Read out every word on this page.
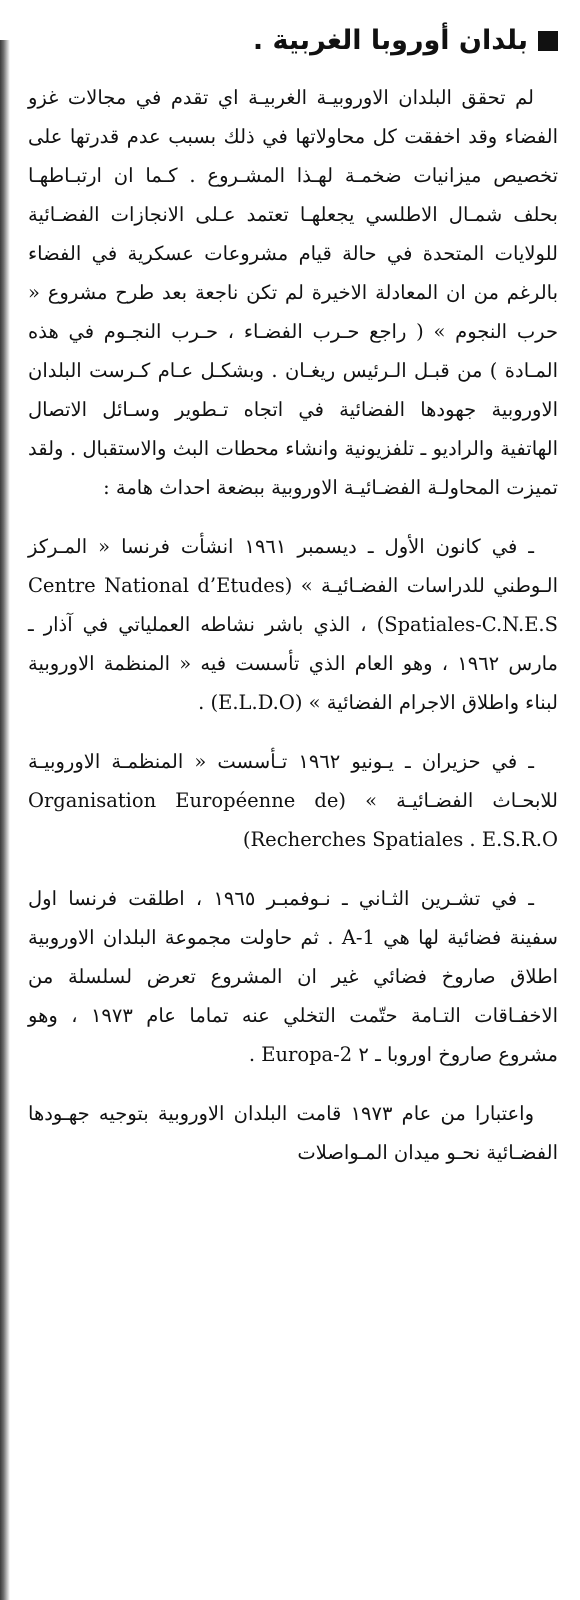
بلدان أوروبا الغربية .

لم تحقق البلدان الاوروبيـة الغربيـة اي تقدم في مجالات غزو الفضاء وقد اخفقت كل محاولاتها في ذلك بسبب عدم قدرتها على تخصيص ميزانيات ضخمـة لهـذا المشـروع . كـما ان ارتبـاطهـا بحلف شمـال الاطلسي يجعلهـا تعتمد عـلى الانجازات الفضـائية للولايات المتحدة في حالة قيام مشروعات عسكرية في الفضاء بالرغم من ان المعادلة الاخيرة لم تكن ناجعة بعد طرح مشروع « حرب النجوم » ( راجع حـرب الفضـاء ، حـرب النجـوم في هذه المـادة ) من قبـل الـرئيس ريغـان . وبشكـل عـام كـرست البلدان الاوروبية جهودها الفضائية في اتجاه تـطوير وسـائل الاتصال الهاتفية والراديو ـ تلفزيونية وانشاء محطات البث والاستقبال . ولقد تميزت المحاولـة الفضـائيـة الاوروبية ببضعة احداث هامة :

ـ في كانون الأول ـ ديسمبر ١٩٦١ انشأت فرنسا « المـركز الـوطني للدراسات الفضـائيـة » (Centre National d’Etudes Spatiales-C.N.E.S) ، الذي باشر نشاطه العملياتي في آذار ـ مارس ١٩٦٢ ، وهو العام الذي تأسست فيه « المنظمة الاوروبية لبناء واطلاق الاجرام الفضائية » (E.L.D.O) .

ـ في حزيران ـ يـونيو ١٩٦٢ تـأسست « المنظمـة الاوروبيـة للابحـاث الفضـائيـة » (Organisation Européenne de Recherches Spatiales . E.S.R.O)

ـ في تشـرين الثـاني ـ نـوفمبـر ١٩٦٥ ، اطلقت فرنسا اول سفينة فضائية لها هي A-1 . ثم حاولت مجموعة البلدان الاوروبية اطلاق صاروخ فضائي غير ان المشروع تعرض لسلسلة من الاخفـاقات التـامة حتّمت التخلي عنه تماما عام ١٩٧٣ ، وهو مشروع صاروخ اوروبا ـ ٢ Europa-2 .

واعتبارا من عام ١٩٧٣ قامت البلدان الاوروبية بتوجيه جهـودها الفضـائية نحـو ميدان المـواصلات
